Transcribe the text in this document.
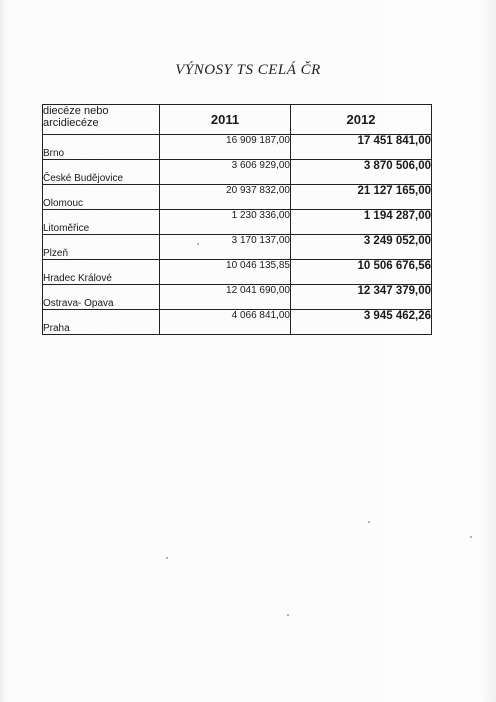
VÝNOSY TS CELÁ ČR
diecéze nebo arcidiecéze	2011	2012
Brno	16 909 187,00	17 451 841,00
České Budějovice	3 606 929,00	3 870 506,00
Olomouc	20 937 832,00	21 127 165,00
Litoměřice	1 230 336,00	1 194 287,00
Plzeň	3 170 137,00	3 249 052,00
Hradec Králové	10 046 135,85	10 506 676,56
Ostrava- Opava	12 041 690,00	12 347 379,00
Praha	4 066 841,00	3 945 462,26
